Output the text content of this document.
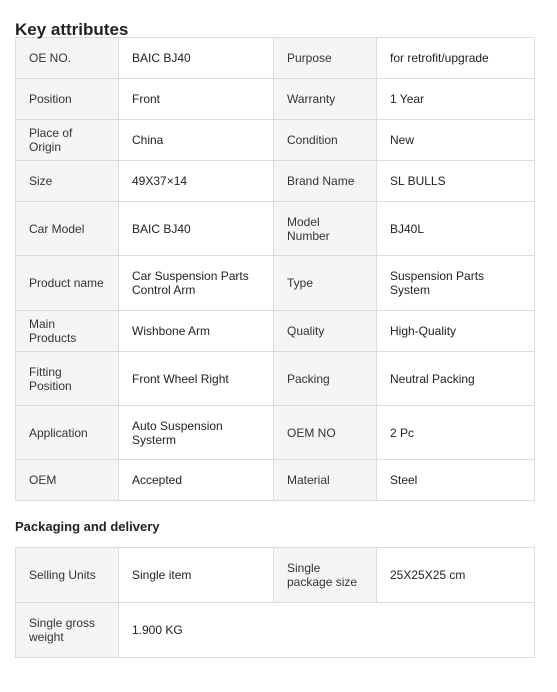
Key attributes
OE NO.	BAIC BJ40	Purpose	for retrofit/upgrade
Position	Front	Warranty	1 Year
Place of Origin	China	Condition	New
Size	49X37×14	Brand Name	SL BULLS
Car Model	BAIC BJ40	Model Number	BJ40L
Product name	Car Suspension Parts Control Arm	Type	Suspension Parts System
Main Products	Wishbone Arm	Quality	High-Quality
Fitting Position	Front Wheel Right	Packing	Neutral Packing
Application	Auto Suspension Systerm	OEM NO	2 Pc
OEM	Accepted	Material	Steel
Packaging and delivery
Selling Units	Single item	Single package size	25X25X25 cm
Single gross weight	1.900 KG		
